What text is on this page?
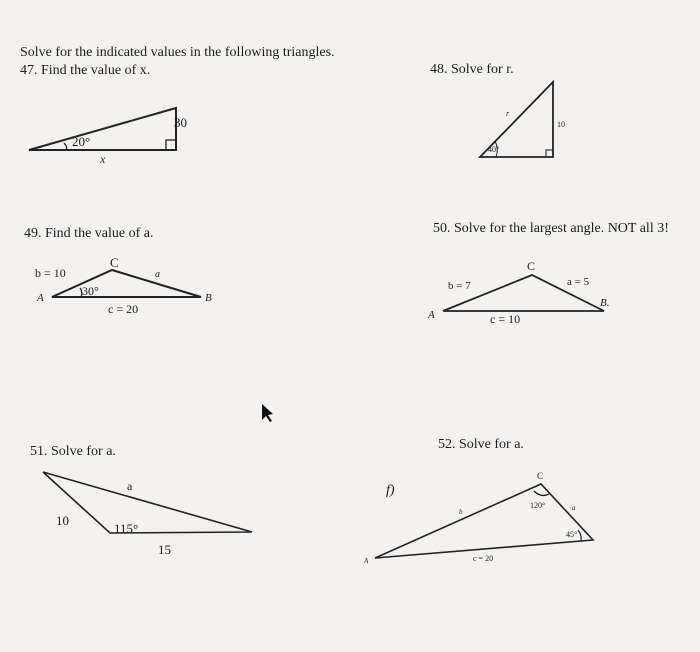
Solve for the indicated values in the following triangles.
47. Find the value of x.	48. Solve for r.
49. Find the value of a.	50. Solve for the largest angle. NOT all 3!
51. Solve for a.	52. Solve for a.
20°
30
x
40°
10
r
A	B
C
b = 10
30°
c = 20
a
A
B.
C
b = 7	a = 5
c = 10
a
10
115°
15
f)
A
C
120°
45°
a
b
c = 20
